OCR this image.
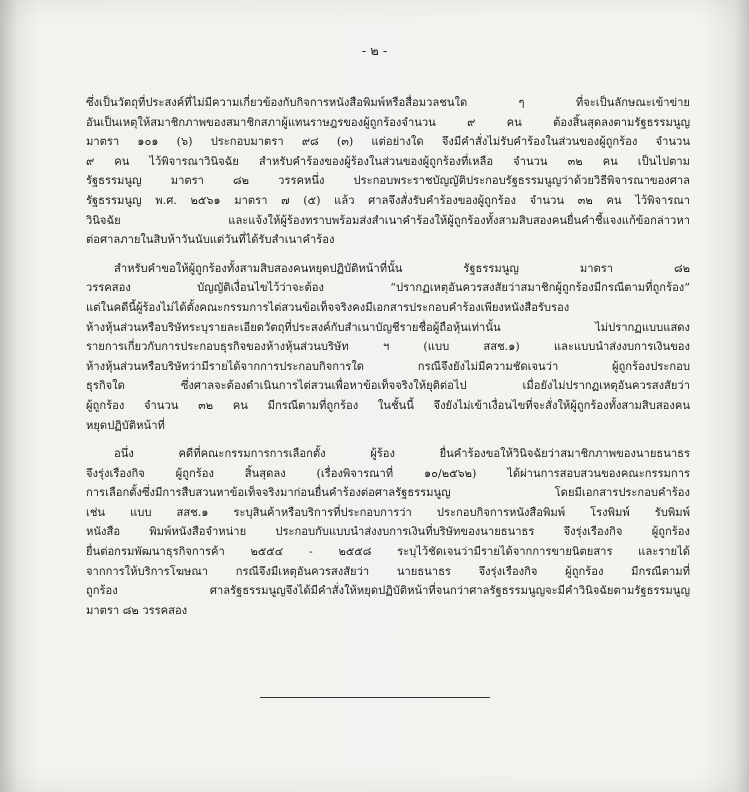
- ๒ -
ซึ่งเป็นวัตถุที่ประสงค์ที่ไม่มีความเกี่ยวข้องกับกิจการหนังสือพิมพ์หรือสื่อมวลชนใด ๆ ที่จะเป็นลักษณะเข้าข่าย
อันเป็นเหตุให้สมาชิกภาพของสมาชิกสภาผู้แทนราษฎรของผู้ถูกร้องจำนวน ๙ คน ต้องสิ้นสุดลงตามรัฐธรรมนูญ
มาตรา ๑๐๑ (๖) ประกอบมาตรา ๙๘ (๓) แต่อย่างใด จึงมีคำสั่งไม่รับคำร้องในส่วนของผู้ถูกร้อง จำนวน
๙ คน ไว้พิจารณาวินิจฉัย สำหรับคำร้องของผู้ร้องในส่วนของผู้ถูกร้องที่เหลือ จำนวน ๓๒ คน เป็นไปตาม
รัฐธรรมนูญ มาตรา ๘๒ วรรคหนึ่ง ประกอบพระราชบัญญัติประกอบรัฐธรรมนูญว่าด้วยวิธีพิจารณาของศาล
รัฐธรรมนูญ พ.ศ. ๒๕๖๑ มาตรา ๗ (๕) แล้ว ศาลจึงสั่งรับคำร้องของผู้ถูกร้อง จำนวน ๓๒ คน ไว้พิจารณา
วินิจฉัย และแจ้งให้ผู้ร้องทราบพร้อมส่งสำเนาคำร้องให้ผู้ถูกร้องทั้งสามสิบสองคนยื่นคำชี้แจงแก้ข้อกล่าวหา
ต่อศาลภายในสิบห้าวันนับแต่วันที่ได้รับสำเนาคำร้อง
สำหรับคำขอให้ผู้ถูกร้องทั้งสามสิบสองคนหยุดปฏิบัติหน้าที่นั้น รัฐธรรมนูญ มาตรา ๘๒
วรรคสอง บัญญัติเงื่อนไขไว้ว่าจะต้อง “ปรากฏเหตุอันควรสงสัยว่าสมาชิกผู้ถูกร้องมีกรณีตามที่ถูกร้อง”
แต่ในคดีนี้ผู้ร้องไม่ได้ตั้งคณะกรรมการไต่สวนข้อเท็จจริงคงมีเอกสารประกอบคำร้องเพียงหนังสือรับรอง
ห้างหุ้นส่วนหรือบริษัทระบุรายละเอียดวัตถุที่ประสงค์กับสำเนาบัญชีรายชื่อผู้ถือหุ้นเท่านั้น ไม่ปรากฏแบบแสดง
รายการเกี่ยวกับการประกอบธุรกิจของห้างหุ้นส่วนบริษัท ฯ (แบบ สสช.๑) และแบบนำส่งงบการเงินของ
ห้างหุ้นส่วนหรือบริษัทว่ามีรายได้จากการประกอบกิจการใด กรณีจึงยังไม่มีความชัดเจนว่า ผู้ถูกร้องประกอบ
ธุรกิจใด ซึ่งศาลจะต้องดำเนินการไต่สวนเพื่อหาข้อเท็จจริงให้ยุติต่อไป เมื่อยังไม่ปรากฏเหตุอันควรสงสัยว่า
ผู้ถูกร้อง จำนวน ๓๒ คน มีกรณีตามที่ถูกร้อง ในชั้นนี้ จึงยังไม่เข้าเงื่อนไขที่จะสั่งให้ผู้ถูกร้องทั้งสามสิบสองคน
หยุดปฏิบัติหน้าที่
อนึ่ง คดีที่คณะกรรมการการเลือกตั้ง ผู้ร้อง ยื่นคำร้องขอให้วินิจฉัยว่าสมาชิกภาพของนายธนาธร
จึงรุ่งเรืองกิจ ผู้ถูกร้อง สิ้นสุดลง (เรื่องพิจารณาที่ ๑๐/๒๕๖๒) ได้ผ่านการสอบสวนของคณะกรรมการ
การเลือกตั้งซึ่งมีการสืบสวนหาข้อเท็จจริงมาก่อนยื่นคำร้องต่อศาลรัฐธรรมนูญ โดยมีเอกสารประกอบคำร้อง
เช่น แบบ สสช.๑ ระบุสินค้าหรือบริการที่ประกอบการว่า ประกอบกิจการหนังสือพิมพ์ โรงพิมพ์ รับพิมพ์
หนังสือ พิมพ์หนังสือจำหน่าย ประกอบกับแบบนำส่งงบการเงินที่บริษัทของนายธนาธร จึงรุ่งเรืองกิจ ผู้ถูกร้อง
ยื่นต่อกรมพัฒนาธุรกิจการค้า ๒๕๕๔ - ๒๕๕๘ ระบุไว้ชัดเจนว่ามีรายได้จากการขายนิตยสาร และรายได้
จากการให้บริการโฆษณา กรณีจึงมีเหตุอันควรสงสัยว่า นายธนาธร จึงรุ่งเรืองกิจ ผู้ถูกร้อง มีกรณีตามที่
ถูกร้อง ศาลรัฐธรรมนูญจึงได้มีคำสั่งให้หยุดปฏิบัติหน้าที่จนกว่าศาลรัฐธรรมนูญจะมีคำวินิจฉัยตามรัฐธรรมนูญ
มาตรา ๘๒ วรรคสอง
